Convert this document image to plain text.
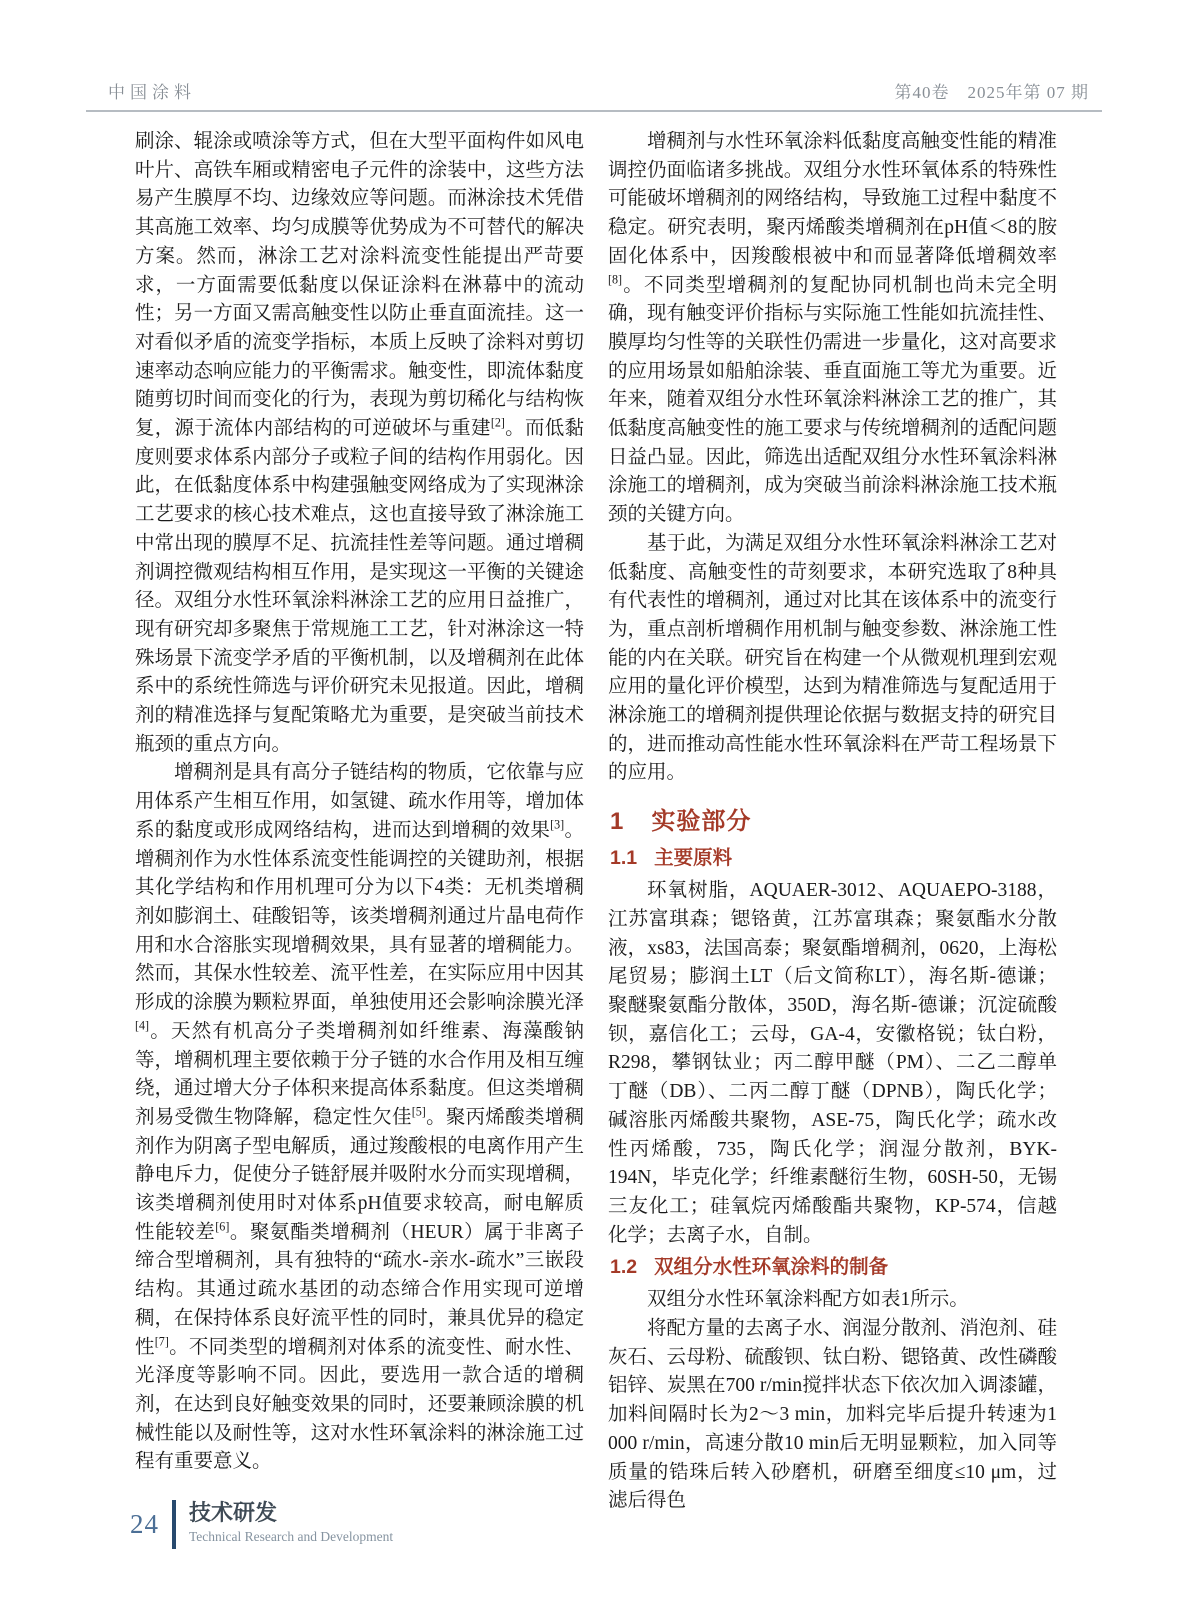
中国涂料	第40卷　2025年第 07 期

刷涂、辊涂或喷涂等方式，但在大型平面构件如风电叶片、高铁车厢或精密电子元件的涂装中，这些方法易产生膜厚不均、边缘效应等问题。而淋涂技术凭借其高施工效率、均匀成膜等优势成为不可替代的解决方案。然而，淋涂工艺对涂料流变性能提出严苛要求，一方面需要低黏度以保证涂料在淋幕中的流动性；另一方面又需高触变性以防止垂直面流挂。这一对看似矛盾的流变学指标，本质上反映了涂料对剪切速率动态响应能力的平衡需求。触变性，即流体黏度随剪切时间而变化的行为，表现为剪切稀化与结构恢复，源于流体内部结构的可逆破坏与重建[2]。而低黏度则要求体系内部分子或粒子间的结构作用弱化。因此，在低黏度体系中构建强触变网络成为了实现淋涂工艺要求的核心技术难点，这也直接导致了淋涂施工中常出现的膜厚不足、抗流挂性差等问题。通过增稠剂调控微观结构相互作用，是实现这一平衡的关键途径。双组分水性环氧涂料淋涂工艺的应用日益推广，现有研究却多聚焦于常规施工工艺，针对淋涂这一特殊场景下流变学矛盾的平衡机制，以及增稠剂在此体系中的系统性筛选与评价研究未见报道。因此，增稠剂的精准选择与复配策略尤为重要，是突破当前技术瓶颈的重点方向。

增稠剂是具有高分子链结构的物质，它依靠与应用体系产生相互作用，如氢键、疏水作用等，增加体系的黏度或形成网络结构，进而达到增稠的效果[3]。增稠剂作为水性体系流变性能调控的关键助剂，根据其化学结构和作用机理可分为以下4类：无机类增稠剂如膨润土、硅酸铝等，该类增稠剂通过片晶电荷作用和水合溶胀实现增稠效果，具有显著的增稠能力。然而，其保水性较差、流平性差，在实际应用中因其形成的涂膜为颗粒界面，单独使用还会影响涂膜光泽[4]。天然有机高分子类增稠剂如纤维素、海藻酸钠等，增稠机理主要依赖于分子链的水合作用及相互缠绕，通过增大分子体积来提高体系黏度。但这类增稠剂易受微生物降解，稳定性欠佳[5]。聚丙烯酸类增稠剂作为阴离子型电解质，通过羧酸根的电离作用产生静电斥力，促使分子链舒展并吸附水分而实现增稠，该类增稠剂使用时对体系pH值要求较高，耐电解质性能较差[6]。聚氨酯类增稠剂（HEUR）属于非离子缔合型增稠剂，具有独特的“疏水-亲水-疏水”三嵌段结构。其通过疏水基团的动态缔合作用实现可逆增稠，在保持体系良好流平性的同时，兼具优异的稳定性[7]。不同类型的增稠剂对体系的流变性、耐水性、光泽度等影响不同。因此，要选用一款合适的增稠剂，在达到良好触变效果的同时，还要兼顾涂膜的机械性能以及耐性等，这对水性环氧涂料的淋涂施工过程有重要意义。

增稠剂与水性环氧涂料低黏度高触变性能的精准调控仍面临诸多挑战。双组分水性环氧体系的特殊性可能破坏增稠剂的网络结构，导致施工过程中黏度不稳定。研究表明，聚丙烯酸类增稠剂在pH值＜8的胺固化体系中，因羧酸根被中和而显著降低增稠效率[8]。不同类型增稠剂的复配协同机制也尚未完全明确，现有触变评价指标与实际施工性能如抗流挂性、膜厚均匀性等的关联性仍需进一步量化，这对高要求的应用场景如船舶涂装、垂直面施工等尤为重要。近年来，随着双组分水性环氧涂料淋涂工艺的推广，其低黏度高触变性的施工要求与传统增稠剂的适配问题日益凸显。因此，筛选出适配双组分水性环氧涂料淋涂施工的增稠剂，成为突破当前涂料淋涂施工技术瓶颈的关键方向。

基于此，为满足双组分水性环氧涂料淋涂工艺对低黏度、高触变性的苛刻要求，本研究选取了8种具有代表性的增稠剂，通过对比其在该体系中的流变行为，重点剖析增稠作用机制与触变参数、淋涂施工性能的内在关联。研究旨在构建一个从微观机理到宏观应用的量化评价模型，达到为精准筛选与复配适用于淋涂施工的增稠剂提供理论依据与数据支持的研究目的，进而推动高性能水性环氧涂料在严苛工程场景下的应用。

1 实验部分
1.1 主要原料

环氧树脂，AQUAER-3012、AQUAEPO-3188，江苏富琪森；锶铬黄，江苏富琪森；聚氨酯水分散液，xs83，法国高泰；聚氨酯增稠剂，0620，上海松尾贸易；膨润土LT（后文简称LT），海名斯-德谦；聚醚聚氨酯分散体，350D，海名斯-德谦；沉淀硫酸钡，嘉信化工；云母，GA-4，安徽格锐；钛白粉，R298，攀钢钛业；丙二醇甲醚（PM）、二乙二醇单丁醚（DB）、二丙二醇丁醚（DPNB），陶氏化学；碱溶胀丙烯酸共聚物，ASE-75，陶氏化学；疏水改性丙烯酸，735，陶氏化学；润湿分散剂，BYK-194N，毕克化学；纤维素醚衍生物，60SH-50，无锡三友化工；硅氧烷丙烯酸酯共聚物，KP-574，信越化学；去离子水，自制。

1.2 双组分水性环氧涂料的制备

双组分水性环氧涂料配方如表1所示。

将配方量的去离子水、润湿分散剂、消泡剂、硅灰石、云母粉、硫酸钡、钛白粉、锶铬黄、改性磷酸铝锌、炭黑在700 r/min搅拌状态下依次加入调漆罐，加料间隔时长为2～3 min，加料完毕后提升转速为1 000 r/min，高速分散10 min后无明显颗粒，加入同等质量的锆珠后转入砂磨机，研磨至细度≤10 μm，过滤后得色

24 技术研发
Technical Research and Development
